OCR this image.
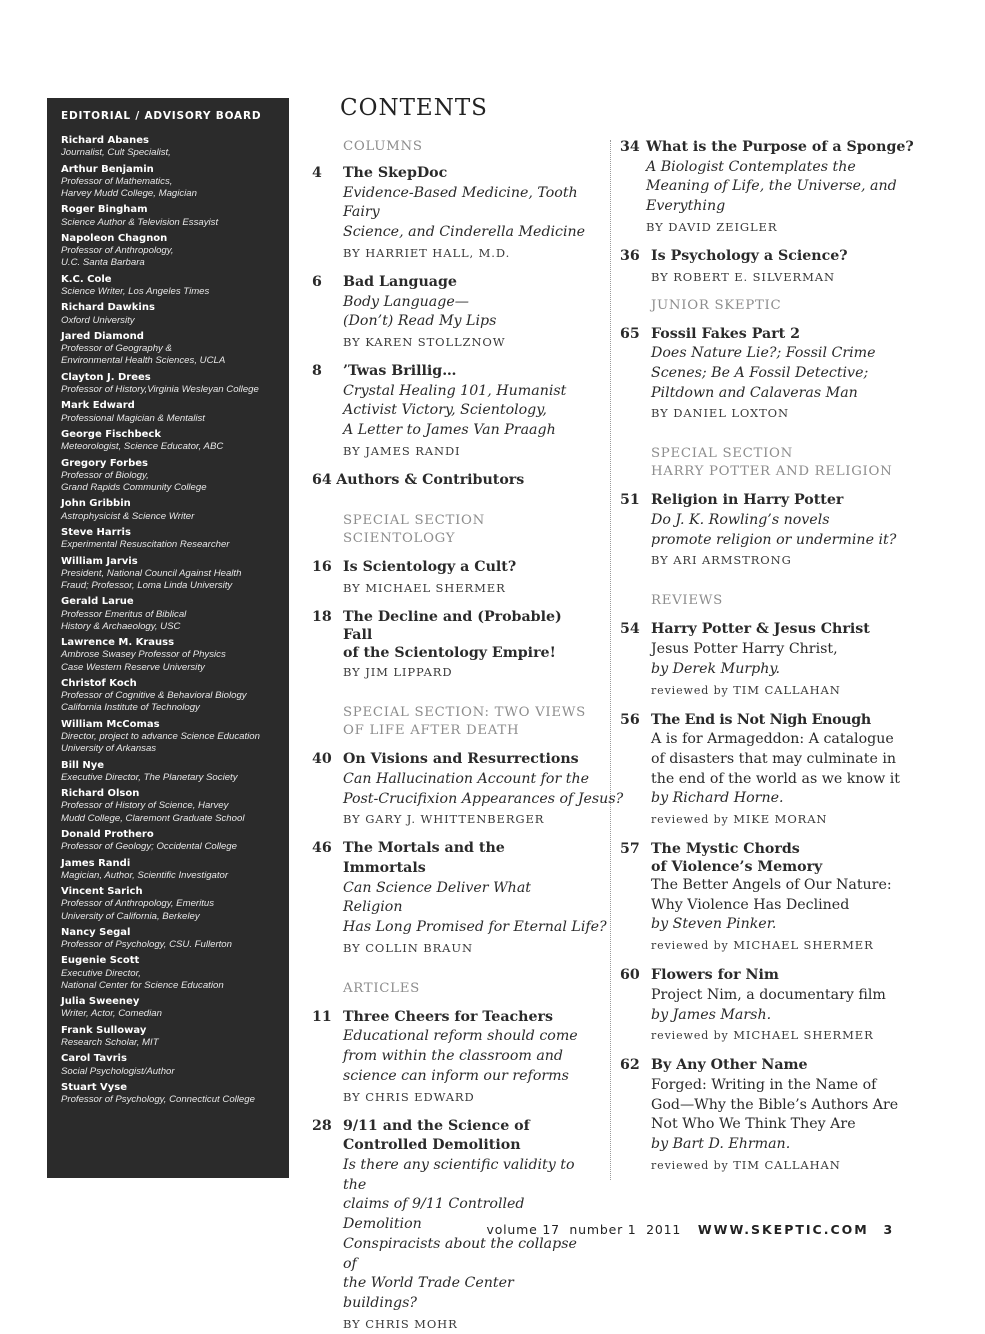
EDITORIAL / ADVISORY BOARD
Richard Abanes
Journalist, Cult Specialist,
Arthur Benjamin
Professor of Mathematics,
Harvey Mudd College, Magician
Roger Bingham
Science Author & Television Essayist
Napoleon Chagnon
Professor of Anthropology,
U.C. Santa Barbara
K.C. Cole
Science Writer, Los Angeles Times
Richard Dawkins
Oxford University
Jared Diamond
Professor of Geography &
Environmental Health Sciences, UCLA
Clayton J. Drees
Professor of History,Virginia Wesleyan College
Mark Edward
Professional Magician & Mentalist
George Fischbeck
Meteorologist, Science Educator, ABC
Gregory Forbes
Professor of Biology,
Grand Rapids Community College
John Gribbin
Astrophysicist & Science Writer
Steve Harris
Experimental Resuscitation Researcher
William Jarvis
President, National Council Against Health
Fraud; Professor, Loma Linda University
Gerald Larue
Professor Emeritus of Biblical
History & Archaeology, USC
Lawrence M. Krauss
Ambrose Swasey Professor of Physics
Case Western Reserve University
Christof Koch
Professor of Cognitive & Behavioral Biology
California Institute of Technology
William McComas
Director, project to advance Science Education
University of Arkansas
Bill Nye
Executive Director, The Planetary Society
Richard Olson
Professor of History of Science, Harvey
Mudd College, Claremont Graduate School
Donald Prothero
Professor of Geology; Occidental College
James Randi
Magician, Author, Scientific Investigator
Vincent Sarich
Professor of Anthropology, Emeritus
University of California, Berkeley
Nancy Segal
Professor of Psychology, CSU. Fullerton
Eugenie Scott
Executive Director,
National Center for Science Education
Julia Sweeney
Writer, Actor, Comedian
Frank Sulloway
Research Scholar, MIT
Carol Tavris
Social Psychologist/Author
Stuart Vyse
Professor of Psychology, Connecticut College
CONTENTS
COLUMNS
4 The SkepDoc
Evidence-Based Medicine, Tooth Fairy
Science, and Cinderella Medicine
BY HARRIET HALL, M.D.
6 Bad Language
Body Language—
(Don’t) Read My Lips
BY KAREN STOLLZNOW
8 ’Twas Brillig…
Crystal Healing 101, Humanist
Activist Victory, Scientology,
A Letter to James Van Praagh
BY JAMES RANDI
64 Authors & Contributors
SPECIAL SECTION
SCIENTOLOGY
16 Is Scientology a Cult?
BY MICHAEL SHERMER
18 The Decline and (Probable) Fall
of the Scientology Empire!
BY JIM LIPPARD
SPECIAL SECTION: TWO VIEWS
OF LIFE AFTER DEATH
40 On Visions and Resurrections
Can Hallucination Account for the
Post-Crucifixion Appearances of Jesus?
BY GARY J. WHITTENBERGER
46 The Mortals and the Immortals
Can Science Deliver What Religion
Has Long Promised for Eternal Life?
BY COLLIN BRAUN
ARTICLES
11 Three Cheers for Teachers
Educational reform should come
from within the classroom and
science can inform our reforms
BY CHRIS EDWARD
28 9/11 and the Science of
Controlled Demolition
Is there any scientific validity to the
claims of 9/11 Controlled Demolition
Conspiracists about the collapse of
the World Trade Center buildings?
BY CHRIS MOHR
34 What is the Purpose of a Sponge?
A Biologist Contemplates the
Meaning of Life, the Universe, and
Everything
BY DAVID ZEIGLER
36 Is Psychology a Science?
BY ROBERT E. SILVERMAN
JUNIOR SKEPTIC
65 Fossil Fakes Part 2
Does Nature Lie?; Fossil Crime
Scenes; Be A Fossil Detective;
Piltdown and Calaveras Man
BY DANIEL LOXTON
SPECIAL SECTION
HARRY POTTER AND RELIGION
51 Religion in Harry Potter
Do J. K. Rowling’s novels
promote religion or undermine it?
BY ARI ARMSTRONG
REVIEWS
54 Harry Potter & Jesus Christ
Jesus Potter Harry Christ,
by Derek Murphy.
reviewed by TIM CALLAHAN
56 The End is Not Nigh Enough
A is for Armageddon: A catalogue
of disasters that may culminate in
the end of the world as we know it
by Richard Horne.
reviewed by MIKE MORAN
57 The Mystic Chords
of Violence’s Memory
The Better Angels of Our Nature:
Why Violence Has Declined
by Steven Pinker.
reviewed by MICHAEL SHERMER
60 Flowers for Nim
Project Nim, a documentary film
by James Marsh.
reviewed by MICHAEL SHERMER
62 By Any Other Name
Forged: Writing in the Name of
God—Why the Bible’s Authors Are
Not Who We Think They Are
by Bart D. Ehrman.
reviewed by TIM CALLAHAN
volume 17  number 1  2011 WWW.SKEPTIC.COM 3
